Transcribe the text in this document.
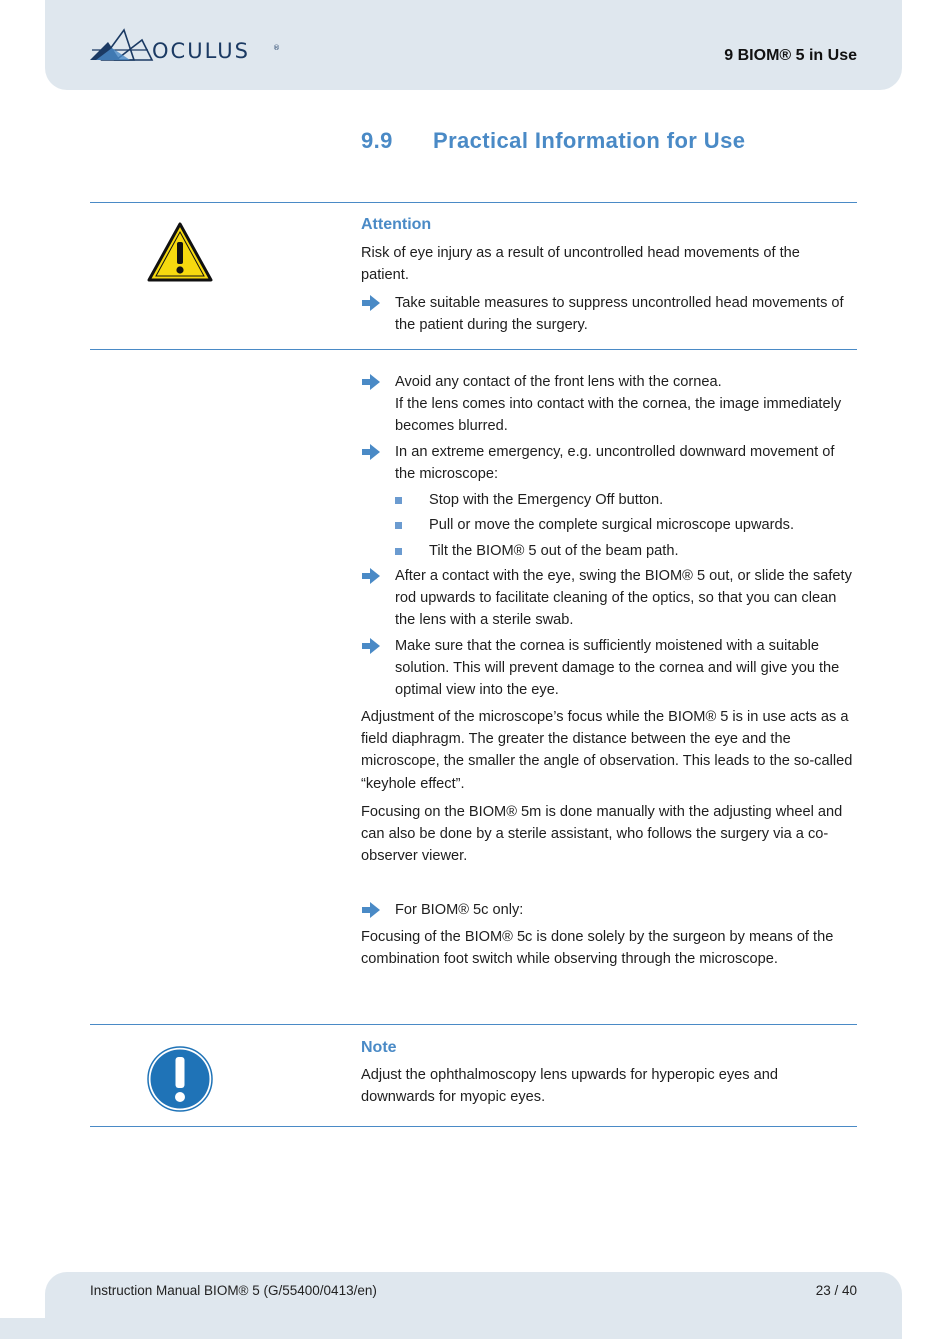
OCULUS	®	9 BIOM® 5 in Use
9.9 Practical Information for Use
Attention
Risk of eye injury as a result of uncontrolled head movements of the
patient.
Take suitable measures to suppress uncontrolled head movements of
the patient during the surgery.
Avoid any contact of the front lens with the cornea.
If the lens comes into contact with the cornea, the image immediately
becomes blurred.
In an extreme emergency, e.g. uncontrolled downward movement of
the microscope:
Stop with the Emergency Off button.
Pull or move the complete surgical microscope upwards.
Tilt the BIOM® 5 out of the beam path.
After a contact with the eye, swing the BIOM® 5 out, or slide the safety
rod upwards to facilitate cleaning of the optics, so that you can clean
the lens with a sterile swab.
Make sure that the cornea is sufficiently moistened with a suitable
solution. This will prevent damage to the cornea and will give you the
optimal view into the eye.
Adjustment of the microscope’s focus while the BIOM® 5 is in use acts as a
field diaphragm. The greater the distance between the eye and the
microscope, the smaller the angle of observation. This leads to the so-called
“keyhole effect”.
Focusing on the BIOM® 5m is done manually with the adjusting wheel and
can also be done by a sterile assistant, who follows the surgery via a co-
observer viewer.
For BIOM® 5c only:
Focusing of the BIOM® 5c is done solely by the surgeon by means of the
combination foot switch while observing through the microscope.
Note
Adjust the ophthalmoscopy lens upwards for hyperopic eyes and
downwards for myopic eyes.
Instruction Manual BIOM® 5 (G/55400/0413/en)	23 / 40
